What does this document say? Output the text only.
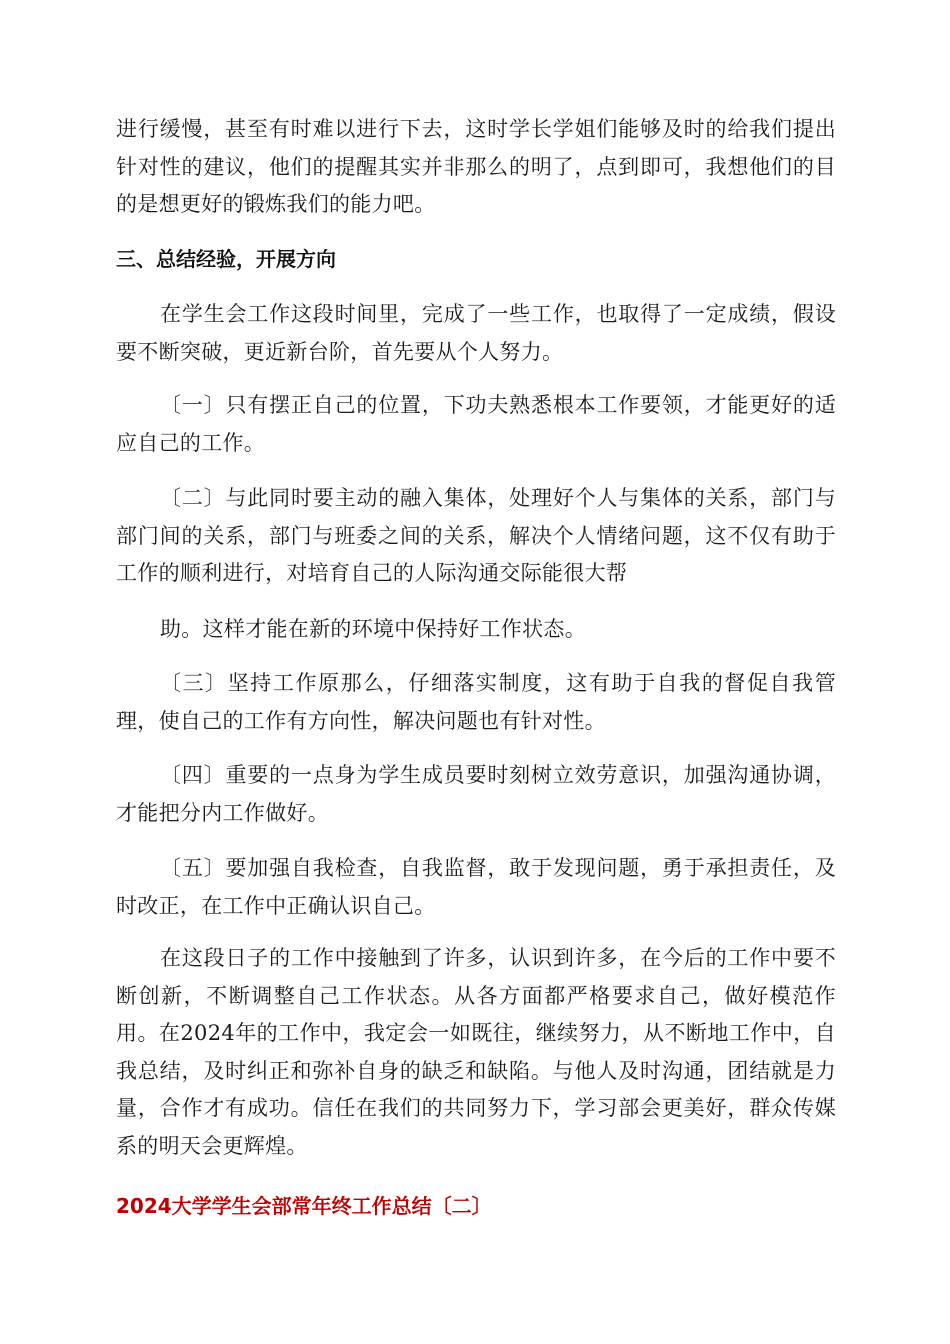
进行缓慢，甚至有时难以进行下去，这时学长学姐们能够及时的给我们提出针对性的建议，他们的提醒其实并非那么的明了，点到即可，我想他们的目的是想更好的锻炼我们的能力吧。

三、总结经验，开展方向

在学生会工作这段时间里，完成了一些工作，也取得了一定成绩，假设要不断突破，更近新台阶，首先要从个人努力。

〔一〕只有摆正自己的位置，下功夫熟悉根本工作要领，才能更好的适应自己的工作。

〔二〕与此同时要主动的融入集体，处理好个人与集体的关系，部门与部门间的关系，部门与班委之间的关系，解决个人情绪问题，这不仅有助于工作的顺利进行，对培育自己的人际沟通交际能很大帮

助。这样才能在新的环境中保持好工作状态。

〔三〕坚持工作原那么，仔细落实制度，这有助于自我的督促自我管理，使自己的工作有方向性，解决问题也有针对性。

〔四〕重要的一点身为学生成员要时刻树立效劳意识，加强沟通协调，才能把分内工作做好。

〔五〕要加强自我检查，自我监督，敢于发现问题，勇于承担责任，及时改正，在工作中正确认识自己。

在这段日子的工作中接触到了许多，认识到许多，在今后的工作中要不断创新，不断调整自己工作状态。从各方面都严格要求自己，做好模范作用。在2024年的工作中，我定会一如既往，继续努力，从不断地工作中，自我总结，及时纠正和弥补自身的缺乏和缺陷。与他人及时沟通，团结就是力量，合作才有成功。信任在我们的共同努力下，学习部会更美好，群众传媒系的明天会更辉煌。

2024大学学生会部常年终工作总结〔二〕
